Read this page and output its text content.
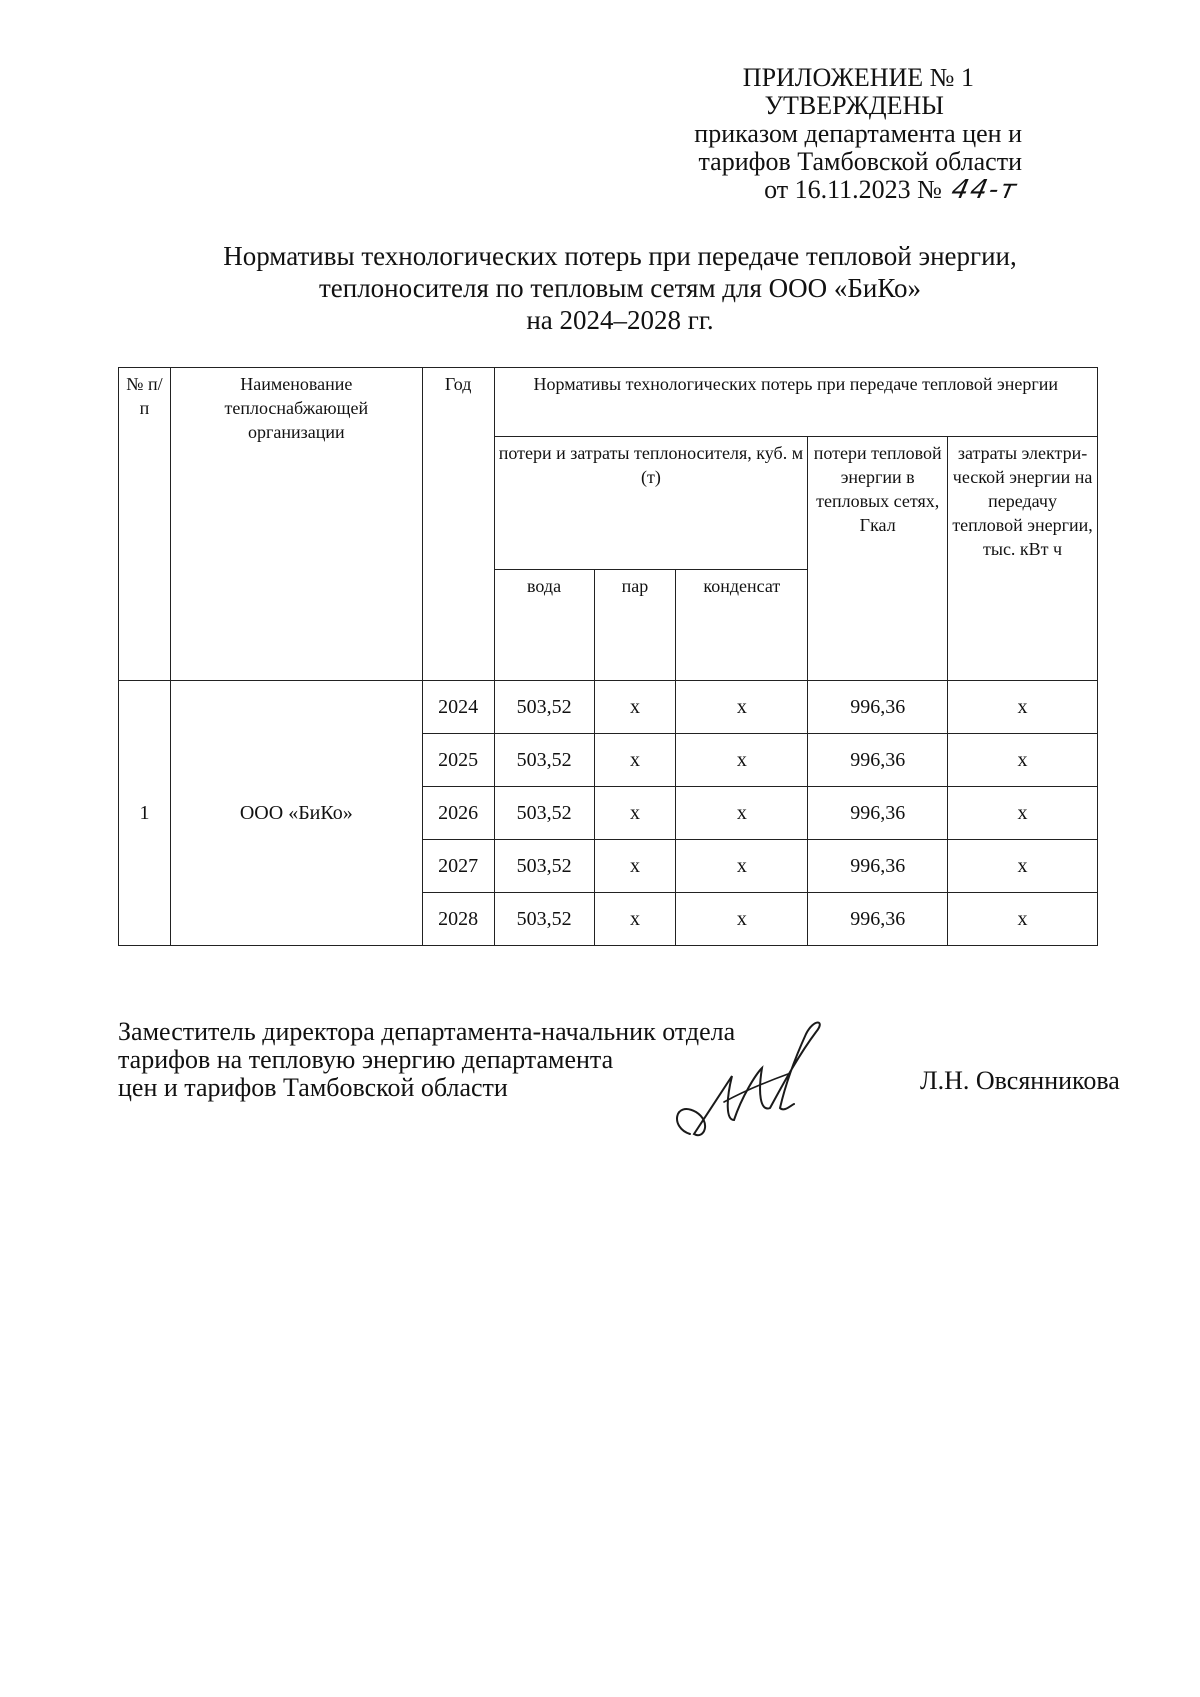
ПРИЛОЖЕНИЕ № 1
УТВЕРЖДЕНЫ
приказом департамента цен и
тарифов Тамбовской области
от 16.11.2023 № 44-т
Нормативы технологических потерь при передаче тепловой энергии,
теплоносителя по тепловым сетям для ООО «БиКо»
на 2024–2028 гг.
№ п/п	Наименование теплоснабжающей организации	Год	Нормативы технологических потерь при передаче тепловой энергии				
			потери и затраты теплоносителя, куб. м (т)			потери тепловой энергии в тепловых сетях, Гкал	затраты электри-ческой энергии на передачу тепловой энергии, тыс. кВт ч
			вода	пар	конденсат		
1	ООО «БиКо»	2024	503,52	х	х	996,36	х
		2025	503,52	х	х	996,36	х
		2026	503,52	х	х	996,36	х
		2027	503,52	х	х	996,36	х
		2028	503,52	х	х	996,36	х
Заместитель директора департамента-начальник отдела
тарифов на тепловую энергию департамента
цен и тарифов Тамбовской области	Л.Н. Овсянникова
